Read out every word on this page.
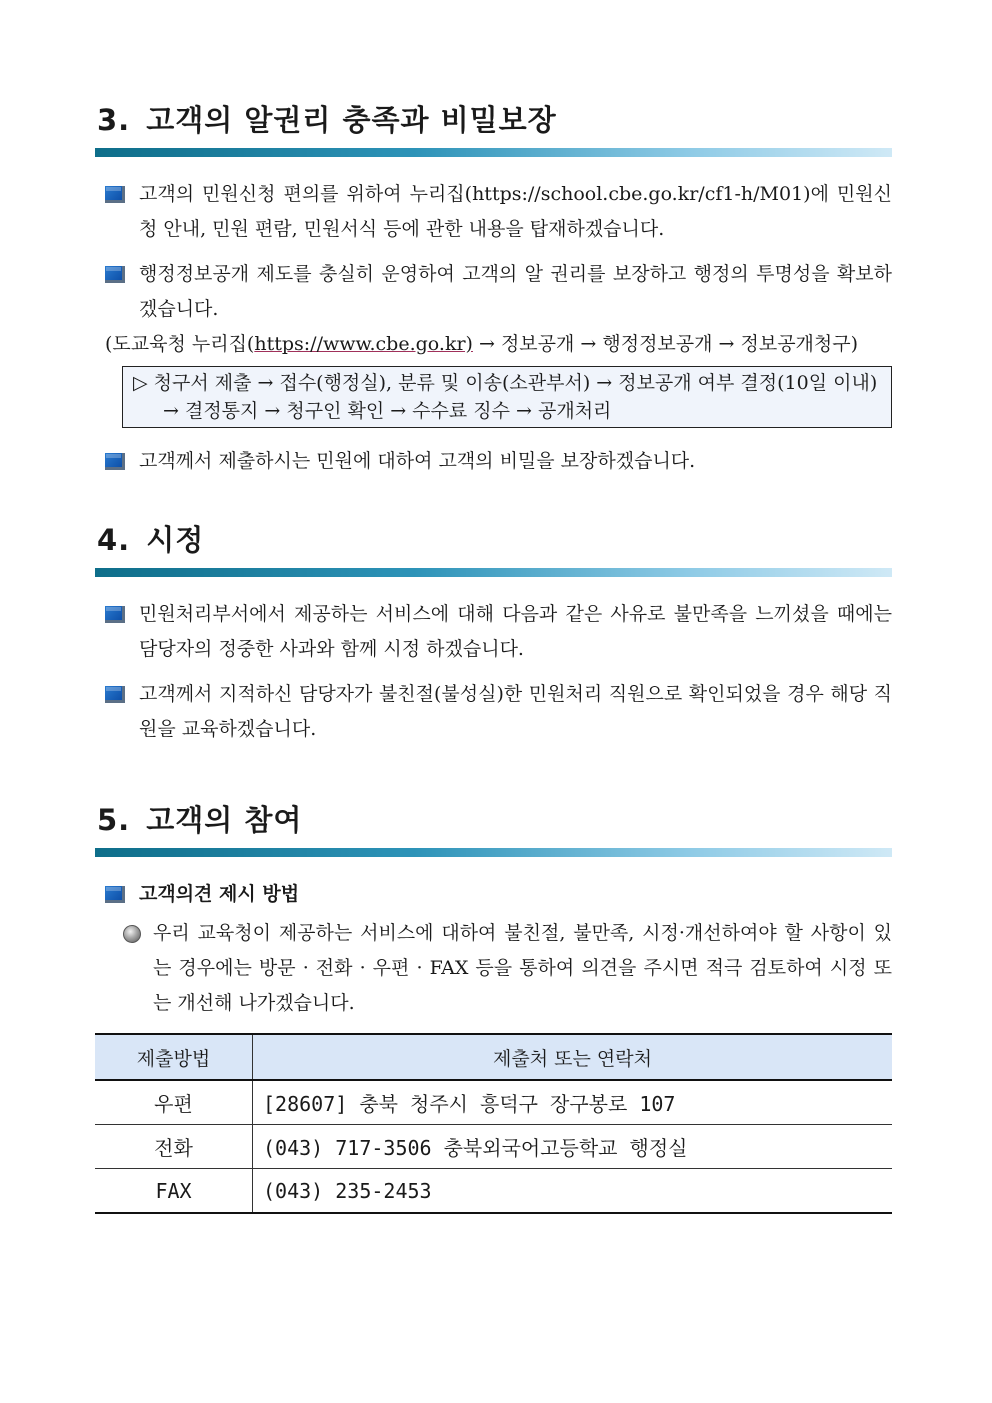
3. 고객의 알권리 충족과 비밀보장
고객의 민원신청 편의를 위하여 누리집(https://school.cbe.go.kr/cf1-h/M01)에 민원신청 안내, 민원 편람, 민원서식 등에 관한 내용을 탑재하겠습니다.
행정정보공개 제도를 충실히 운영하여 고객의 알 권리를 보장하고 행정의 투명성을 확보하겠습니다.
(도교육청 누리집(https://www.cbe.go.kr) → 정보공개 → 행정정보공개 → 정보공개청구)
▷ 청구서 제출 → 접수(행정실), 분류 및 이송(소관부서) → 정보공개 여부 결정(10일 이내)
→ 결정통지 → 청구인 확인 → 수수료 징수 → 공개처리
고객께서 제출하시는 민원에 대하여 고객의 비밀을 보장하겠습니다.
4. 시정
민원처리부서에서 제공하는 서비스에 대해 다음과 같은 사유로 불만족을 느끼셨을 때에는 담당자의 정중한 사과와 함께 시정 하겠습니다.
고객께서 지적하신 담당자가 불친절(불성실)한 민원처리 직원으로 확인되었을 경우 해당 직원을 교육하겠습니다.
5. 고객의 참여
고객의견 제시 방법
우리 교육청이 제공하는 서비스에 대하여 불친절, 불만족, 시정·개선하여야 할 사항이 있는 경우에는 방문 · 전화 · 우편 · FAX 등을 통하여 의견을 주시면 적극 검토하여 시정 또는 개선해 나가겠습니다.
제출방법	제출처 또는 연락처
우편	[28607] 충북 청주시 흥덕구 장구봉로 107
전화	(043) 717-3506 충북외국어고등학교 행정실
FAX	(043) 235-2453
